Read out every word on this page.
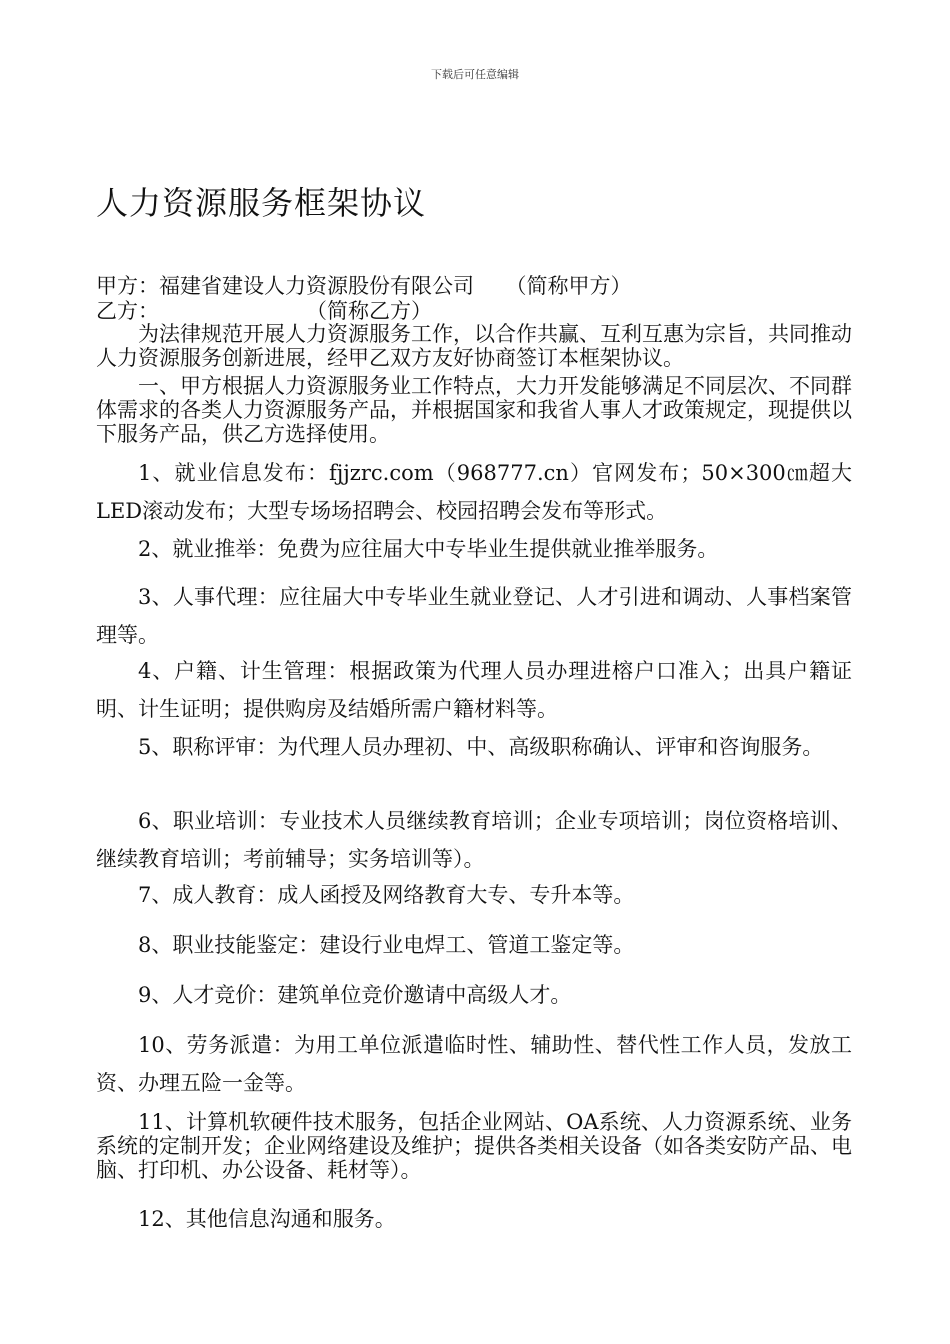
下载后可任意编辑
人力资源服务框架协议
甲方：福建省建设人力资源股份有限公司　　（简称甲方）
乙方：　　　　　　　　（简称乙方）

为法律规范开展人力资源服务工作，以合作共赢、互利互惠为宗旨，共同推动人力资源服务创新进展，经甲乙双方友好协商签订本框架协议。

一、甲方根据人力资源服务业工作特点，大力开发能够满足不同层次、不同群体需求的各类人力资源服务产品，并根据国家和我省人事人才政策规定，现提供以下服务产品，供乙方选择使用。

1、就业信息发布：fjjzrc.com（968777.cn）官网发布；50×300㎝超大LED滚动发布；大型专场场招聘会、校园招聘会发布等形式。

2、就业推举：免费为应往届大中专毕业生提供就业推举服务。

3、人事代理：应往届大中专毕业生就业登记、人才引进和调动、人事档案管理等。

4、户籍、计生管理：根据政策为代理人员办理进榕户口准入；出具户籍证明、计生证明；提供购房及结婚所需户籍材料等。

5、职称评审：为代理人员办理初、中、高级职称确认、评审和咨询服务。

6、职业培训：专业技术人员继续教育培训；企业专项培训；岗位资格培训、继续教育培训；考前辅导；实务培训等）。

7、成人教育：成人函授及网络教育大专、专升本等。

8、职业技能鉴定：建设行业电焊工、管道工鉴定等。

9、人才竞价：建筑单位竞价邀请中高级人才。

10、劳务派遣：为用工单位派遣临时性、辅助性、替代性工作人员，发放工资、办理五险一金等。

11、计算机软硬件技术服务，包括企业网站、OA系统、人力资源系统、业务系统的定制开发；企业网络建设及维护；提供各类相关设备（如各类安防产品、电脑、打印机、办公设备、耗材等）。

12、其他信息沟通和服务。
